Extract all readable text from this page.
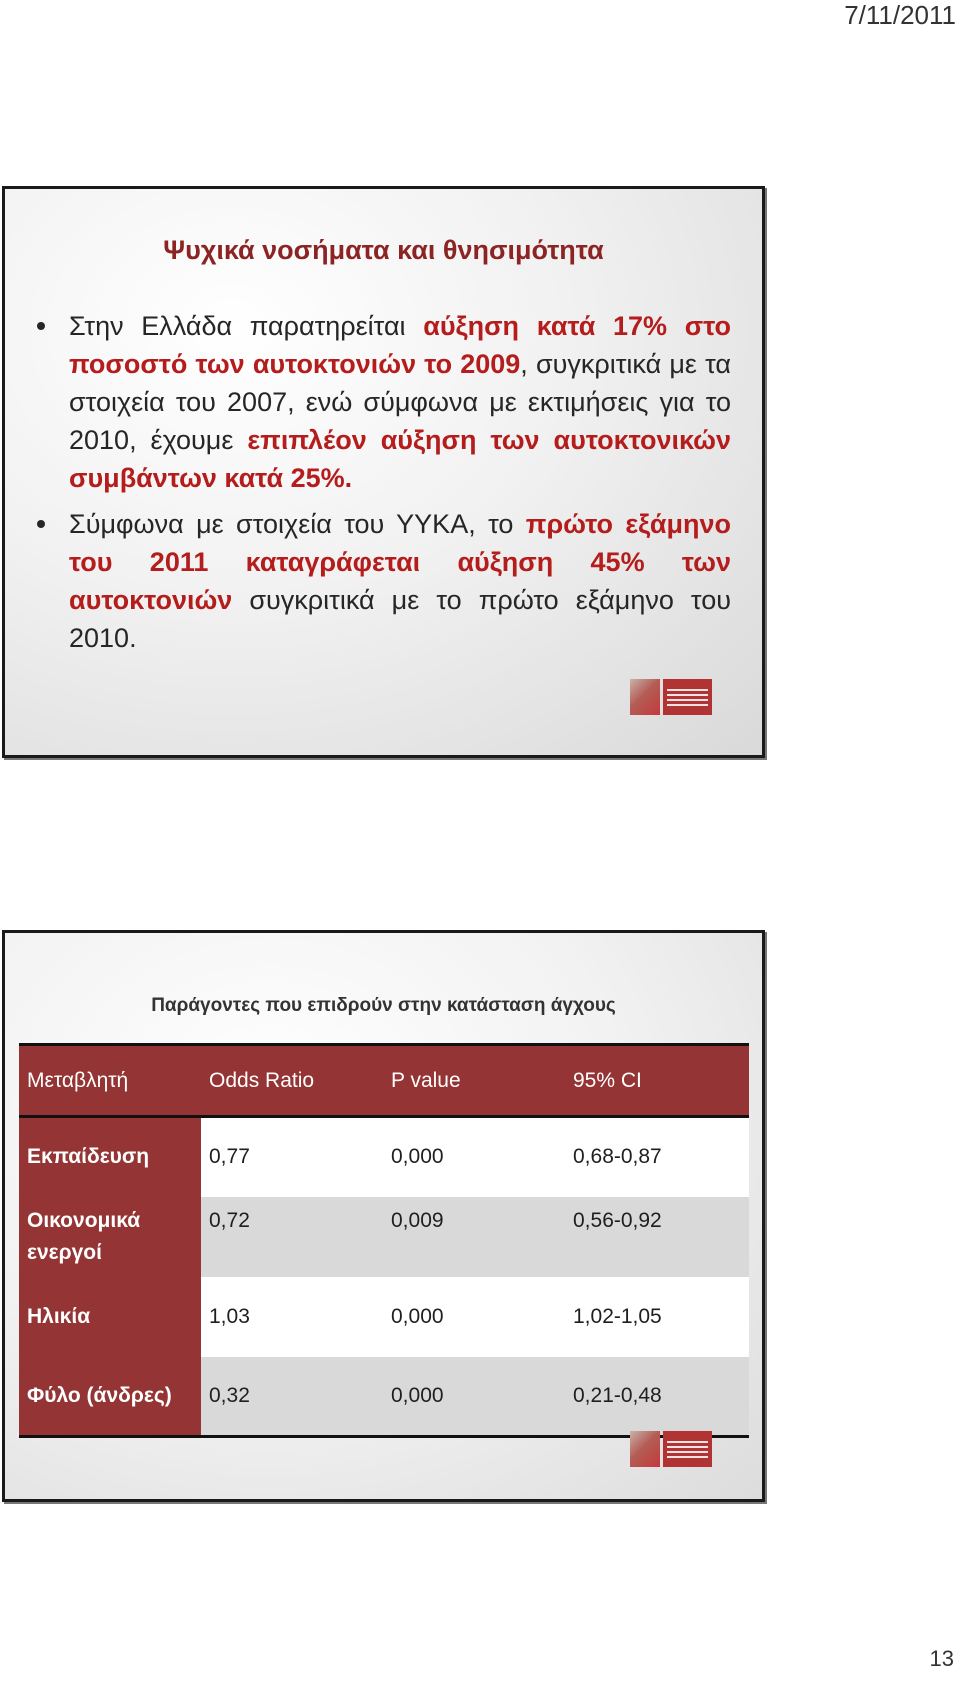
7/11/2011
Ψυχικά νοσήματα και θνησιμότητα
Στην Ελλάδα παρατηρείται αύξηση κατά 17% στο ποσοστό των αυτοκτονιών το 2009, συγκριτικά με τα στοιχεία του 2007, ενώ σύμφωνα με εκτιμήσεις για το 2010, έχουμε επιπλέον αύξηση των αυτοκτονικών συμβάντων κατά 25%.
Σύμφωνα με στοιχεία του ΥΥΚΑ, το πρώτο εξάμηνο του 2011 καταγράφεται αύξηση 45% των αυτοκτονιών συγκριτικά με το πρώτο εξάμηνο του 2010.
Παράγοντες που επιδρούν στην κατάσταση άγχους
Μεταβλητή	Odds Ratio	P value	95% CI
Εκπαίδευση	0,77	0,000	0,68-0,87
Οικονομικά ενεργοί	0,72	0,009	0,56-0,92
Ηλικία	1,03	0,000	1,02-1,05
Φύλο (άνδρες)	0,32	0,000	0,21-0,48
13
